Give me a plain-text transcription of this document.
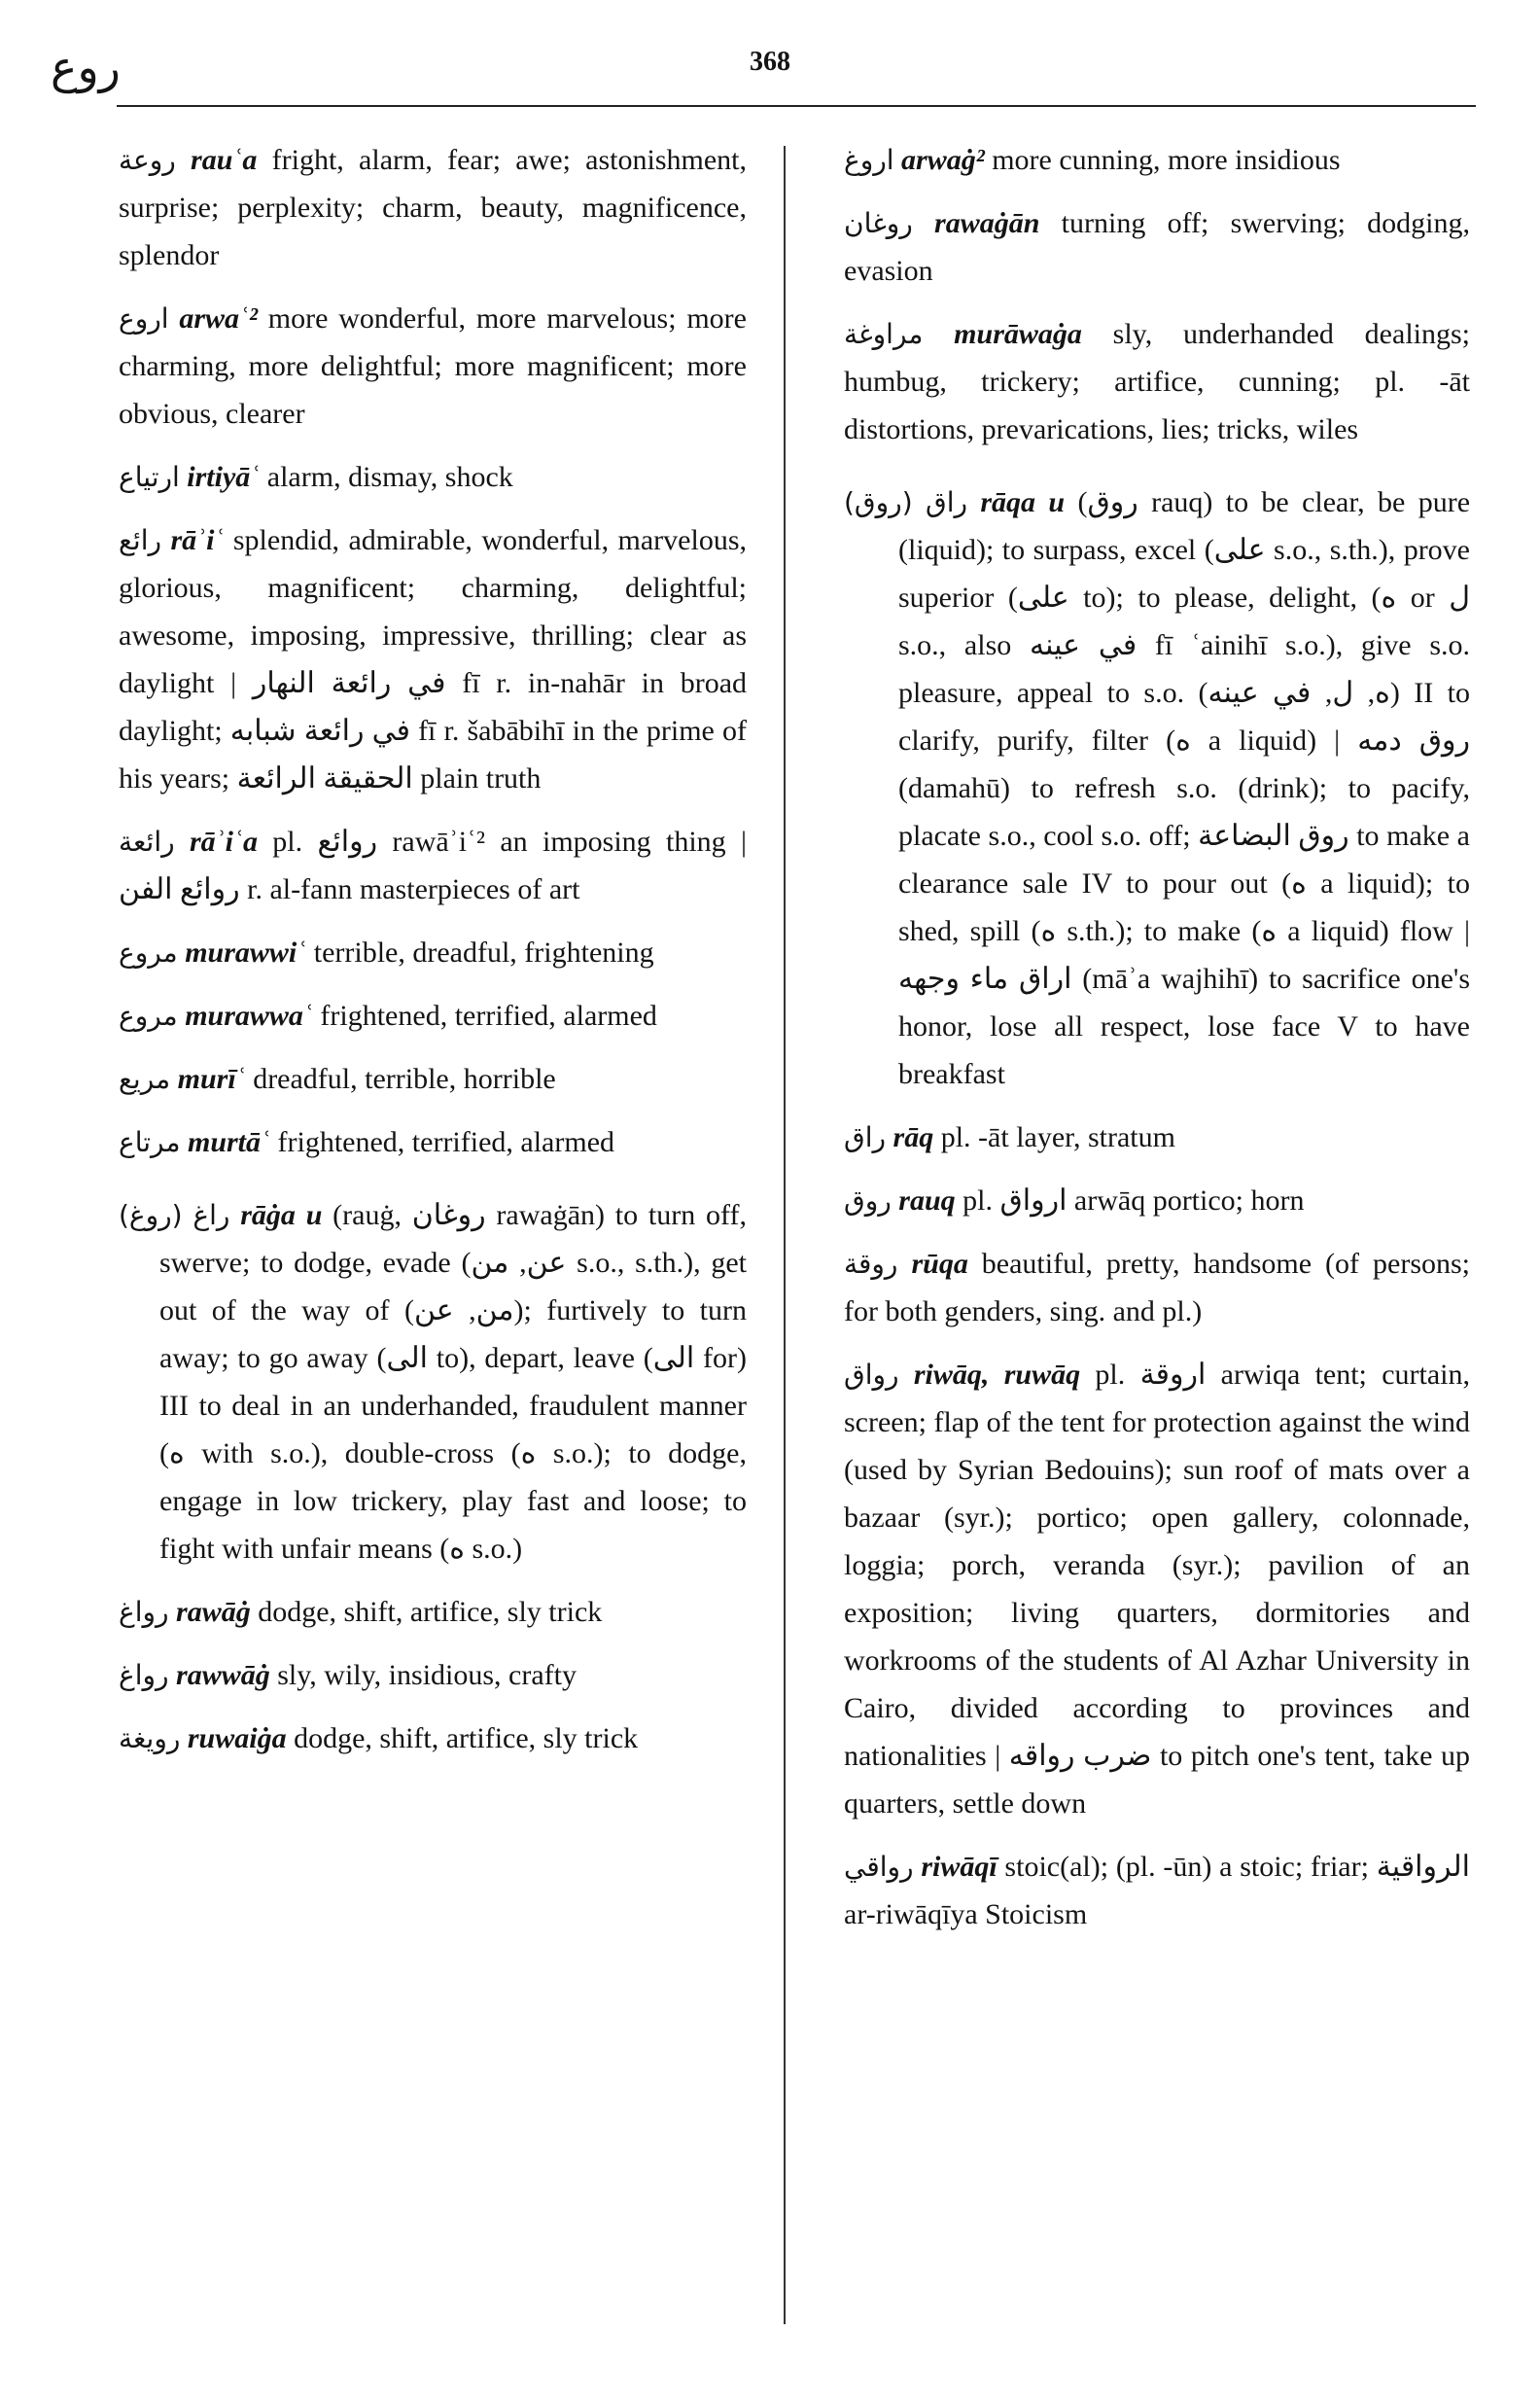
روع	368

روعة rauʿa fright, alarm, fear; awe; astonishment, surprise; perplexity; charm, beauty, magnificence, splendor

اروع arwaʿ² more wonderful, more marvelous; more charming, more delightful; more magnificent; more obvious, clearer

ارتياع irtiyāʿ alarm, dismay, shock

رائع rāʾiʿ splendid, admirable, wonderful, marvelous, glorious, magnificent; charming, delightful; awesome, imposing, impressive, thrilling; clear as daylight | في رائعة النهار fī r. in-nahār in broad daylight; في رائعة شبابه fī r. šabābihī in the prime of his years; الحقيقة الرائعة plain truth

رائعة rāʾiʿa pl. روائع rawāʾiʿ² an imposing thing | روائع الفن r. al-fann masterpieces of art

مروع murawwiʿ terrible, dreadful, frightening

مروع murawwaʿ frightened, terrified, alarmed

مريع murīʿ dreadful, terrible, horrible

مرتاع murtāʿ frightened, terrified, alarmed

(روغ) راغ rāġa u (rauġ, روغان rawaġān) to turn off, swerve; to dodge, evade (عن, من s.o., s.th.), get out of the way of (من, عن); furtively to turn away; to go away (الى to), depart, leave (الى for) III to deal in an underhanded, fraudulent manner (ه with s.o.), double-cross (ه s.o.); to dodge, engage in low trickery, play fast and loose; to fight with unfair means (ه s.o.)

رواغ rawāġ dodge, shift, artifice, sly trick

رواغ rawwāġ sly, wily, insidious, crafty

رويغة ruwaiġa dodge, shift, artifice, sly trick

اروغ arwaġ² more cunning, more insidious

روغان rawaġān turning off; swerving; dodging, evasion

مراوغة murāwaġa sly, underhanded dealings; humbug, trickery; artifice, cunning; pl. -āt distortions, prevarications, lies; tricks, wiles

(روق) راق rāqa u (روق rauq) to be clear, be pure (liquid); to surpass, excel (على s.o., s.th.), prove superior (على to); to please, delight, (ه or ل s.o., also في عينه fī ʿainihī s.o.), give s.o. pleasure, appeal to s.o. (ه, ل, في عينه) II to clarify, purify, filter (ه a liquid) | روق دمه (damahū) to refresh s.o. (drink); to pacify, placate s.o., cool s.o. off; روق البضاعة to make a clearance sale IV to pour out (ه a liquid); to shed, spill (ه s.th.); to make (ه a liquid) flow | اراق ماء وجهه (māʾa wajhihī) to sacrifice one's honor, lose all respect, lose face V to have breakfast

راق rāq pl. -āt layer, stratum

روق rauq pl. ارواق arwāq portico; horn

روقة rūqa beautiful, pretty, handsome (of persons; for both genders, sing. and pl.)

رواق riwāq, ruwāq pl. اروقة arwiqa tent; curtain, screen; flap of the tent for protection against the wind (used by Syrian Bedouins); sun roof of mats over a bazaar (syr.); portico; open gallery, colonnade, loggia; porch, veranda (syr.); pavilion of an exposition; living quarters, dormitories and workrooms of the students of Al Azhar University in Cairo, divided according to provinces and nationalities | ضرب رواقه to pitch one's tent, take up quarters, settle down

رواقي riwāqī stoic(al); (pl. -ūn) a stoic; friar; الرواقية ar-riwāqīya Stoicism
